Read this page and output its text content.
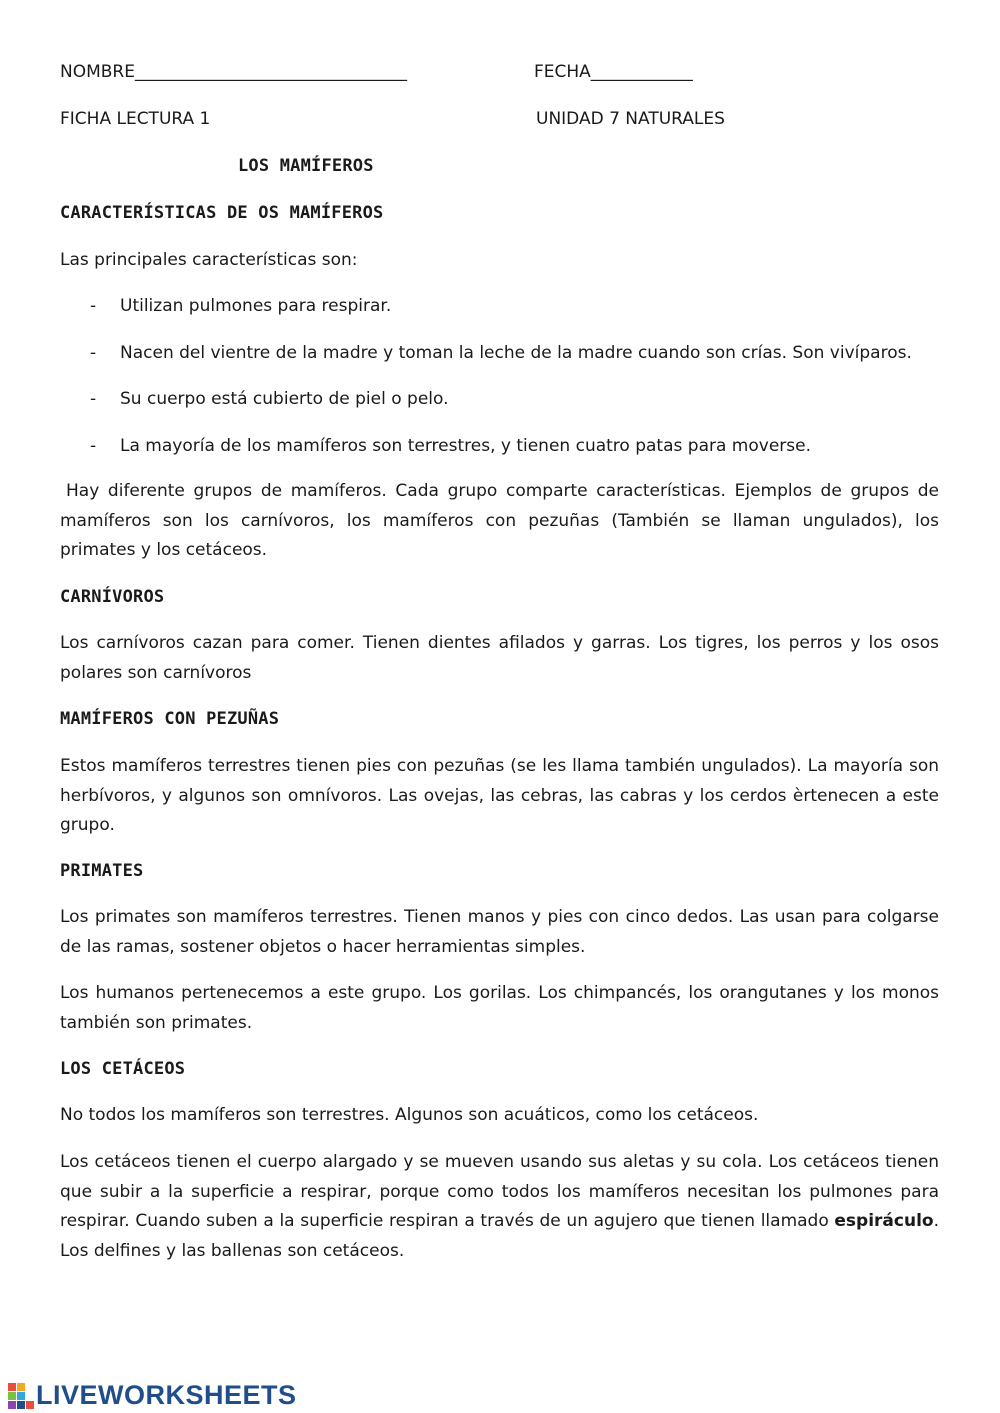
NOMBRE________________________________	FECHA____________
FICHA LECTURA 1	UNIDAD 7 NATURALES
LOS MAMÍFEROS
CARACTERÍSTICAS DE OS MAMÍFEROS
Las principales características son:
- Utilizan pulmones para respirar.
- Nacen del vientre de la madre y toman la leche de la madre cuando son crías. Son vivíparos.
- Su cuerpo está cubierto de piel o pelo.
- La mayoría de los mamíferos son terrestres, y tienen cuatro patas para moverse.
Hay diferente grupos de mamíferos. Cada grupo comparte características. Ejemplos de grupos de mamíferos son los carnívoros, los mamíferos con pezuñas (También se llaman ungulados), los primates y los cetáceos.
CARNÍVOROS
Los carnívoros cazan para comer. Tienen dientes afilados y garras. Los tigres, los perros y los osos polares son carnívoros
MAMÍFEROS CON PEZUÑAS
Estos mamíferos terrestres tienen pies con pezuñas (se les llama también ungulados). La mayoría son herbívoros, y algunos son omnívoros. Las ovejas, las cebras, las cabras y los cerdos èrtenecen a este grupo.
PRIMATES
Los primates son mamíferos terrestres. Tienen manos y pies con cinco dedos. Las usan para colgarse de las ramas, sostener objetos o hacer herramientas simples.
Los humanos pertenecemos a este grupo. Los gorilas. Los chimpancés, los orangutanes y los monos también son primates.
LOS CETÁCEOS
No todos los mamíferos son terrestres. Algunos son acuáticos, como los cetáceos.
Los cetáceos tienen el cuerpo alargado y se mueven usando sus aletas y su cola. Los cetáceos tienen que subir a la superficie a respirar, porque como todos los mamíferos necesitan los pulmones para respirar. Cuando suben a la superficie respiran a través de un agujero que tienen llamado espiráculo. Los delfines y las ballenas son cetáceos.
LIVEWORKSHEETS
